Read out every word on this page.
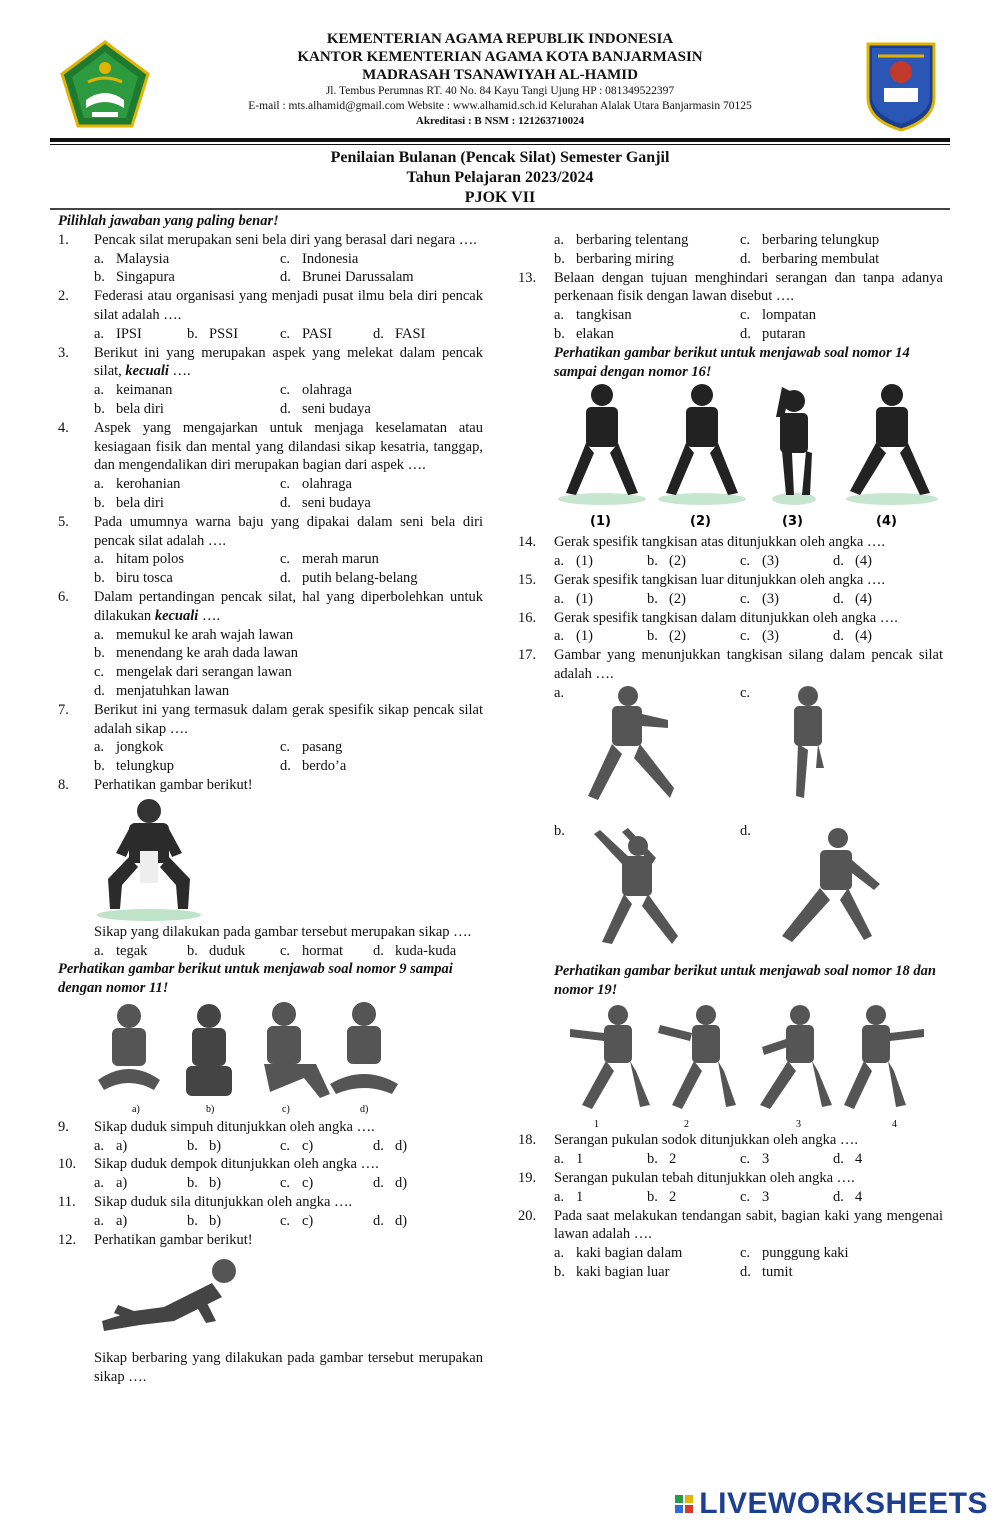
KEMENTERIAN AGAMA REPUBLIK INDONESIA
KANTOR KEMENTERIAN AGAMA KOTA BANJARMASIN
MADRASAH TSANAWIYAH AL-HAMID
Jl. Tembus Perumnas RT. 40 No. 84 Kayu Tangi Ujung HP : 081349522397
E-mail : mts.alhamid@gmail.com Website : www.alhamid.sch.id Kelurahan Alalak Utara Banjarmasin 70125
Akreditasi : B NSM : 121263710024
Penilaian Bulanan (Pencak Silat) Semester Ganjil
Tahun Pelajaran 2023/2024
PJOK VII
Pilihlah jawaban yang paling benar!
1. Pencak silat merupakan seni bela diri yang berasal dari negara ….
a. Malaysia	c. Indonesia
b. Singapura	d. Brunei Darussalam
2. Federasi atau organisasi yang menjadi pusat ilmu bela diri pencak silat adalah ….
a. IPSI	b. PSSI	c. PASI	d. FASI
3. Berikut ini yang merupakan aspek yang melekat dalam pencak silat, kecuali ….
a. keimanan	c. olahraga
b. bela diri	d. seni budaya
4. Aspek yang mengajarkan untuk menjaga keselamatan atau kesiagaan fisik dan mental yang dilandasi sikap kesatria, tanggap, dan mengendalikan diri merupakan bagian dari aspek ….
a. kerohanian	c. olahraga
b. bela diri	d. seni budaya
5. Pada umumnya warna baju yang dipakai dalam seni bela diri pencak silat adalah ….
a. hitam polos	c. merah marun
b. biru tosca	d. putih belang-belang
6. Dalam pertandingan pencak silat, hal yang diperbolehkan untuk dilakukan kecuali ….
a. memukul ke arah wajah lawan
b. menendang ke arah dada lawan
c. mengelak dari serangan lawan
d. menjatuhkan lawan
7. Berikut ini yang termasuk dalam gerak spesifik sikap pencak silat adalah sikap ….
a. jongkok	c. pasang
b. telungkup	d. berdo’a
8. Perhatikan gambar berikut!
Sikap yang dilakukan pada gambar tersebut merupakan sikap ….
a. tegak	b. duduk c. hormat d. kuda-kuda
Perhatikan gambar berikut untuk menjawab soal nomor 9 sampai dengan nomor 11!
a)	b)	c)	d)
9. Sikap duduk simpuh ditunjukkan oleh angka ….
a. a)	b. b)	c. c)	d. d)
10. Sikap duduk dempok ditunjukkan oleh angka ….
a. a)	b. b)	c. c)	d. d)
11. Sikap duduk sila ditunjukkan oleh angka ….
a. a)	b. b)	c. c)	d. d)
12. Perhatikan gambar berikut!
Sikap berbaring yang dilakukan pada gambar tersebut merupakan sikap ….
a. berbaring telentang	c. berbaring telungkup
b. berbaring miring	d. berbaring membulat
13. Belaan dengan tujuan menghindari serangan dan tanpa adanya perkenaan fisik dengan lawan disebut ….
a. tangkisan	c. lompatan
b. elakan	d. putaran
Perhatikan gambar berikut untuk menjawab soal nomor 14 sampai dengan nomor 16!
(1)	(2)	(3)	(4)
14. Gerak spesifik tangkisan atas ditunjukkan oleh angka ….
a. (1)	b. (2)	c. (3)	d. (4)
15. Gerak spesifik tangkisan luar ditunjukkan oleh angka ….
a. (1)	b. (2)	c. (3)	d. (4)
16. Gerak spesifik tangkisan dalam ditunjukkan oleh angka ….
a. (1)	b. (2)	c. (3)	d. (4)
17. Gambar yang menunjukkan tangkisan silang dalam pencak silat adalah ….
a.	c.
b.	d.
Perhatikan gambar berikut untuk menjawab soal nomor 18 dan nomor 19!
1	2	3	4
18. Serangan pukulan sodok ditunjukkan oleh angka ….
a. 1	b. 2	c. 3	d. 4
19. Serangan pukulan tebah ditunjukkan oleh angka ….
a. 1	b. 2	c. 3	d. 4
20. Pada saat melakukan tendangan sabit, bagian kaki yang mengenai lawan adalah ….
a. kaki bagian dalam	c. punggung kaki
b. kaki bagian luar	d. tumit
LIVEWORKSHEETS
